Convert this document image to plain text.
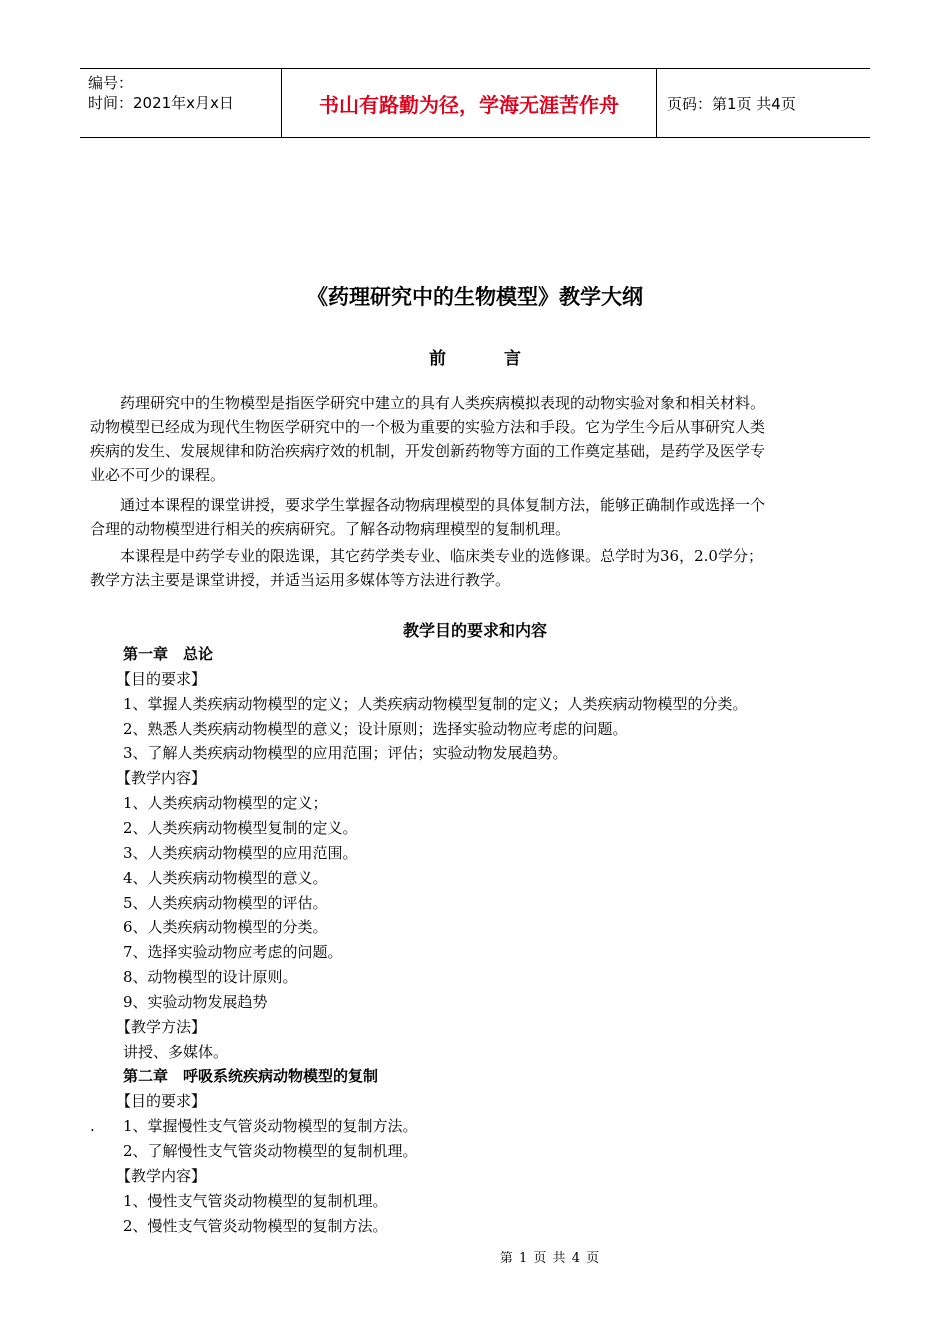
编号：
时间：2021年x月x日	书山有路勤为径，学海无涯苦作舟	页码：第1页 共4页
《药理研究中的生物模型》教学大纲
前 言
　　药理研究中的生物模型是指医学研究中建立的具有人类疾病模拟表现的动物实验对象和相关材料。
动物模型已经成为现代生物医学研究中的一个极为重要的实验方法和手段。它为学生今后从事研究人类
疾病的发生、发展规律和防治疾病疗效的机制，开发创新药物等方面的工作奠定基础，是药学及医学专
业必不可少的课程。
　　通过本课程的课堂讲授，要求学生掌握各动物病理模型的具体复制方法，能够正确制作或选择一个
合理的动物模型进行相关的疾病研究。了解各动物病理模型的复制机理。
　　本课程是中药学专业的限选课，其它药学类专业、临床类专业的选修课。总学时为36，2.0学分；
教学方法主要是课堂讲授，并适当运用多媒体等方法进行教学。
教学目的要求和内容
第一章　总论
【目的要求】
1、掌握人类疾病动物模型的定义；人类疾病动物模型复制的定义；人类疾病动物模型的分类。
2、熟悉人类疾病动物模型的意义；设计原则；选择实验动物应考虑的问题。
3、了解人类疾病动物模型的应用范围；评估；实验动物发展趋势。
【教学内容】
1、人类疾病动物模型的定义；
2、人类疾病动物模型复制的定义。
3、人类疾病动物模型的应用范围。
4、人类疾病动物模型的意义。
5、人类疾病动物模型的评估。
6、人类疾病动物模型的分类。
7、选择实验动物应考虑的问题。
8、动物模型的设计原则。
9、实验动物发展趋势
【教学方法】
讲授、多媒体。
第二章　呼吸系统疾病动物模型的复制
【目的要求】
1、掌握慢性支气管炎动物模型的复制方法。
2、了解慢性支气管炎动物模型的复制机理。
【教学内容】
1、慢性支气管炎动物模型的复制机理。
2、慢性支气管炎动物模型的复制方法。
.
第 1 页 共 4 页
